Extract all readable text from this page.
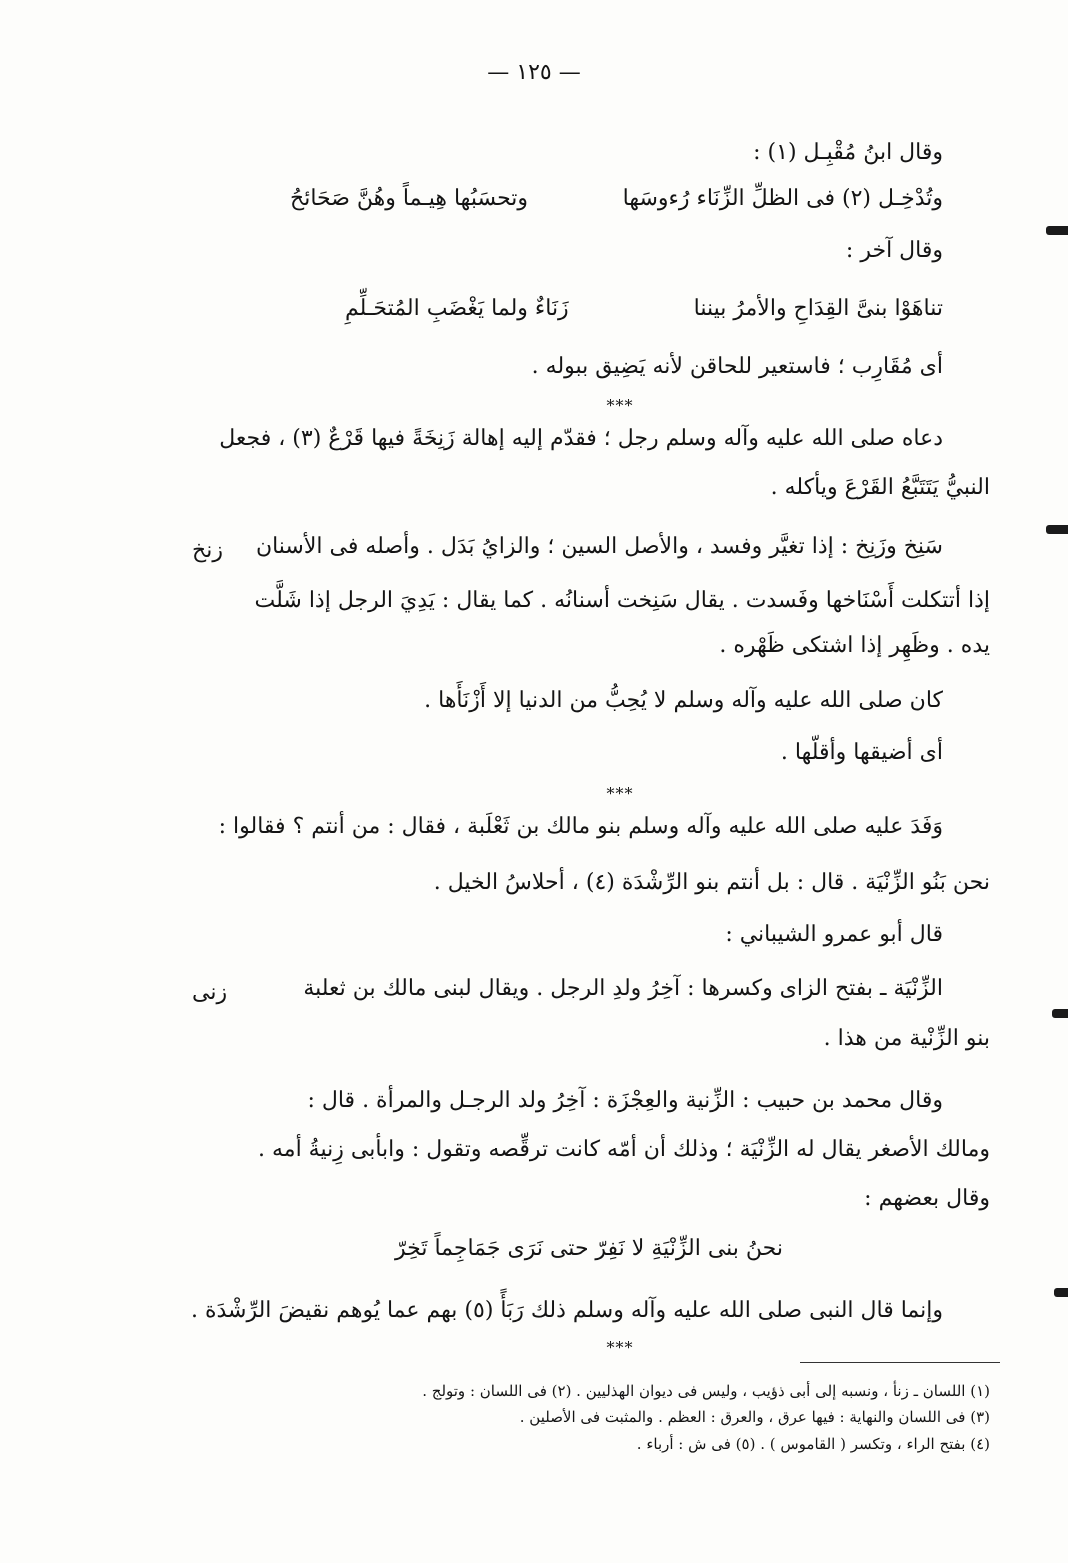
— ١٢٥ —
وقال ابنُ مُقْبِـل (١) :
وتُدْخِـل (٢) فى الظلِّ الزِّنَاء رُءوسَها
وتحسَبُها هِيـماً وهُنَّ صَحَائحُ
وقال آخر :
تناهَوْا بنىَّ القِدَاحِ والأمرُ بيننا
زَنَاءٌ ولما يَغْضَبِ المُتحَـلِّمِ
أى مُقَارِب ؛ فاستعير للحاقن لأنه يَضِيق ببوله .
***
دعاه صلى الله عليه وآله وسلم رجل ؛ فقدّم إليه إهالة زَنِخَةً فيها قَرْعٌ (٣) ، فجعل
النبيُّ يَتَتَبَّعُ القَرْعَ ويأكله .
زنخ سَنِخ وزَنِخ : إذا تغيَّر وفسد ، والأصل السين ؛ والزايُ بَدَل . وأصله فى الأسنان
إذا أتتكلت أَسْنَاخها وفَسدت . يقال سَنِخت أسنانُه . كما يقال : يَدِيَ الرجل إذا شَلَّت
يده . وظَهِر إذا اشتكى ظَهْره .
كان صلى الله عليه وآله وسلم لا يُحِبُّ من الدنيا إلا أَزْنَأَها .
أى أضيقها وأقلّها .
***
وَفَدَ عليه صلى الله عليه وآله وسلم بنو مالك بن ثَعْلَبة ، فقال : من أنتم ؟ فقالوا :
نحن بَنُو الزِّنْيَة . قال : بل أنتم بنو الرِّشْدَة (٤) ، أحلاسُ الخيل .
قال أبو عمرو الشيباني :
زنى	الزِّنْيَة ـ بفتح الزاى وكسرها : آخِرُ ولدِ الرجل . ويقال لبنى مالك بن ثعلبة
بنو الزِّنْية من هذا .
وقال محمد بن حبيب : الزِّنية والعِجْزَة : آخِرُ ولد الرجـل والمرأة . قال :
ومالك الأصغر يقال له الزِّنْيَة ؛ وذلك أن أمّه كانت ترقِّصه وتقول : وابأبى زِنيةُ أمه .
وقال بعضهم :
نحنُ بنى الزِّنْيَةِ لا نَفِرّ
حتى نَرَى جَمَاجِماً تَخِرّ
وإنما قال النبى صلى الله عليه وآله وسلم ذلك رَبَأً (٥) بهم عما يُوهم نقيضَ الرِّشْدَة .
***
(١) اللسان ـ زنأ ، ونسبه إلى أبى ذؤيب ، وليس فى ديوان الهذليين . (٢) فى اللسان : وتولج .
(٣) فى اللسان والنهاية : فيها عرق ، والعرق : العظم . والمثبت فى الأصلين .
(٤) بفتح الراء ، وتكسر ( القاموس ) . (٥) فى ش : أرباء .
